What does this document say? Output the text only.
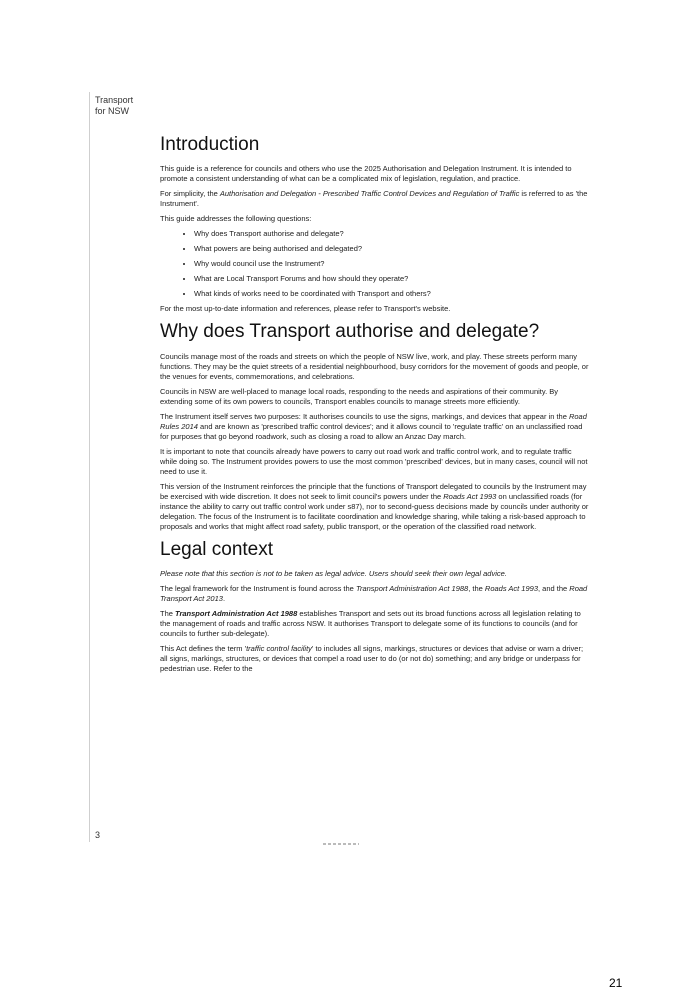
Transport
for NSW
Introduction

This guide is a reference for councils and others who use the 2025 Authorisation and Delegation Instrument. It is intended to promote a consistent understanding of what can be a complicated mix of legislation, regulation, and practice.

For simplicity, the Authorisation and Delegation - Prescribed Traffic Control Devices and Regulation of Traffic is referred to as 'the Instrument'.

This guide addresses the following questions:

• Why does Transport authorise and delegate?
• What powers are being authorised and delegated?
• Why would council use the Instrument?
• What are Local Transport Forums and how should they operate?
• What kinds of works need to be coordinated with Transport and others?

For the most up-to-date information and references, please refer to Transport's website.

Why does Transport authorise and delegate?

Councils manage most of the roads and streets on which the people of NSW live, work, and play. These streets perform many functions. They may be the quiet streets of a residential neighbourhood, busy corridors for the movement of goods and people, or the venues for events, commemorations, and celebrations.

Councils in NSW are well-placed to manage local roads, responding to the needs and aspirations of their community. By extending some of its own powers to councils, Transport enables councils to manage streets more efficiently.

The Instrument itself serves two purposes: It authorises councils to use the signs, markings, and devices that appear in the Road Rules 2014 and are known as 'prescribed traffic control devices'; and it allows council to 'regulate traffic' on an unclassified road for purposes that go beyond roadwork, such as closing a road to allow an Anzac Day march.

It is important to note that councils already have powers to carry out road work and traffic control work, and to regulate traffic while doing so. The Instrument provides powers to use the most common 'prescribed' devices, but in many cases, council will not need to use it.

This version of the Instrument reinforces the principle that the functions of Transport delegated to councils by the Instrument may be exercised with wide discretion. It does not seek to limit council's powers under the Roads Act 1993 on unclassified roads (for instance the ability to carry out traffic control work under s87), nor to second-guess decisions made by councils under authority or delegation. The focus of the Instrument is to facilitate coordination and knowledge sharing, while taking a risk-based approach to proposals and works that might affect road safety, public transport, or the operation of the classified road network.

Legal context

Please note that this section is not to be taken as legal advice. Users should seek their own legal advice.

The legal framework for the Instrument is found across the Transport Administration Act 1988, the Roads Act 1993, and the Road Transport Act 2013.

The Transport Administration Act 1988 establishes Transport and sets out its broad functions across all legislation relating to the management of roads and traffic across NSW. It authorises Transport to delegate some of its functions to councils (and for councils to further sub-delegate).

This Act defines the term 'traffic control facility' to includes all signs, markings, structures or devices that advise or warn a driver; all signs, markings, structures, or devices that compel a road user to do (or not do) something; and any bridge or underpass for pedestrian use. Refer to the

3
21
